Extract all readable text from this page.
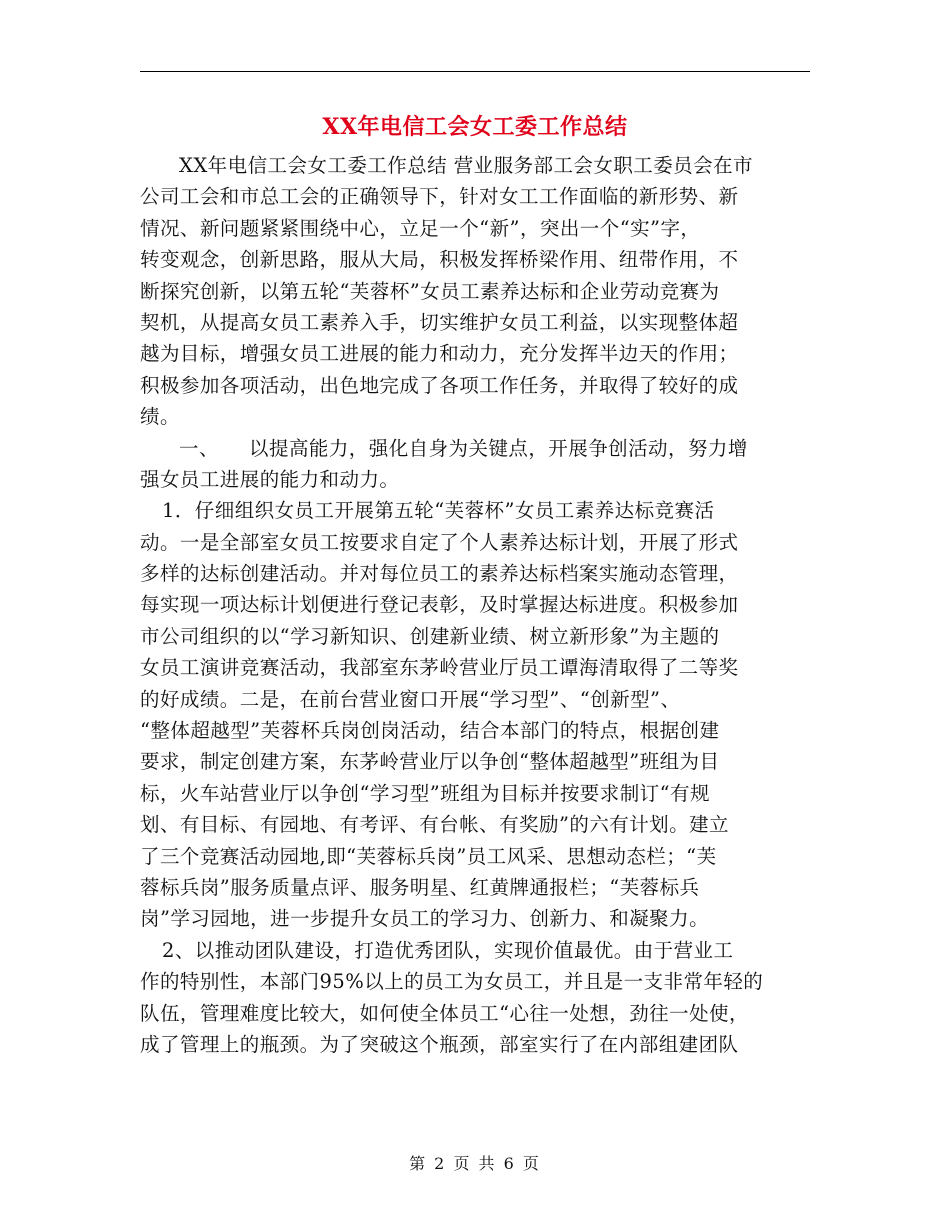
XX年电信工会女工委工作总结
XX年电信工会女工委工作总结 营业服务部工会女职工委员会在市
公司工会和市总工会的正确领导下，针对女工工作面临的新形势、新
情况、新问题紧紧围绕中心，立足一个“新”，突出一个“实”字，
转变观念，创新思路，服从大局，积极发挥桥梁作用、纽带作用，不
断探究创新，以第五轮“芙蓉杯”女员工素养达标和企业劳动竞赛为
契机，从提高女员工素养入手，切实维护女员工利益，以实现整体超
越为目标，增强女员工进展的能力和动力，充分发挥半边天的作用；
积极参加各项活动，出色地完成了各项工作任务，并取得了较好的成
绩。
一、　　以提高能力，强化自身为关键点，开展争创活动，努力增
强女员工进展的能力和动力。
1．仔细组织女员工开展第五轮“芙蓉杯”女员工素养达标竞赛活
动。一是全部室女员工按要求自定了个人素养达标计划，开展了形式
多样的达标创建活动。并对每位员工的素养达标档案实施动态管理，
每实现一项达标计划便进行登记表彰，及时掌握达标进度。积极参加
市公司组织的以“学习新知识、创建新业绩、树立新形象”为主题的
女员工演讲竞赛活动，我部室东茅岭营业厅员工谭海清取得了二等奖
的好成绩。二是，在前台营业窗口开展“学习型”、“创新型”、
“整体超越型”芙蓉杯兵岗创岗活动，结合本部门的特点，根据创建
要求，制定创建方案，东茅岭营业厅以争创“整体超越型”班组为目
标，火车站营业厅以争创“学习型”班组为目标并按要求制订“有规
划、有目标、有园地、有考评、有台帐、有奖励”的六有计划。建立
了三个竞赛活动园地,即“芙蓉标兵岗”员工风采、思想动态栏；“芙
蓉标兵岗”服务质量点评、服务明星、红黄牌通报栏；“芙蓉标兵
岗”学习园地，进一步提升女员工的学习力、创新力、和凝聚力。
2、以推动团队建设，打造优秀团队，实现价值最优。由于营业工
作的特别性，本部门95%以上的员工为女员工，并且是一支非常年轻的
队伍，管理难度比较大，如何使全体员工“心往一处想，劲往一处使，
成了管理上的瓶颈。为了突破这个瓶颈，部室实行了在内部组建团队
第 2 页 共 6 页
